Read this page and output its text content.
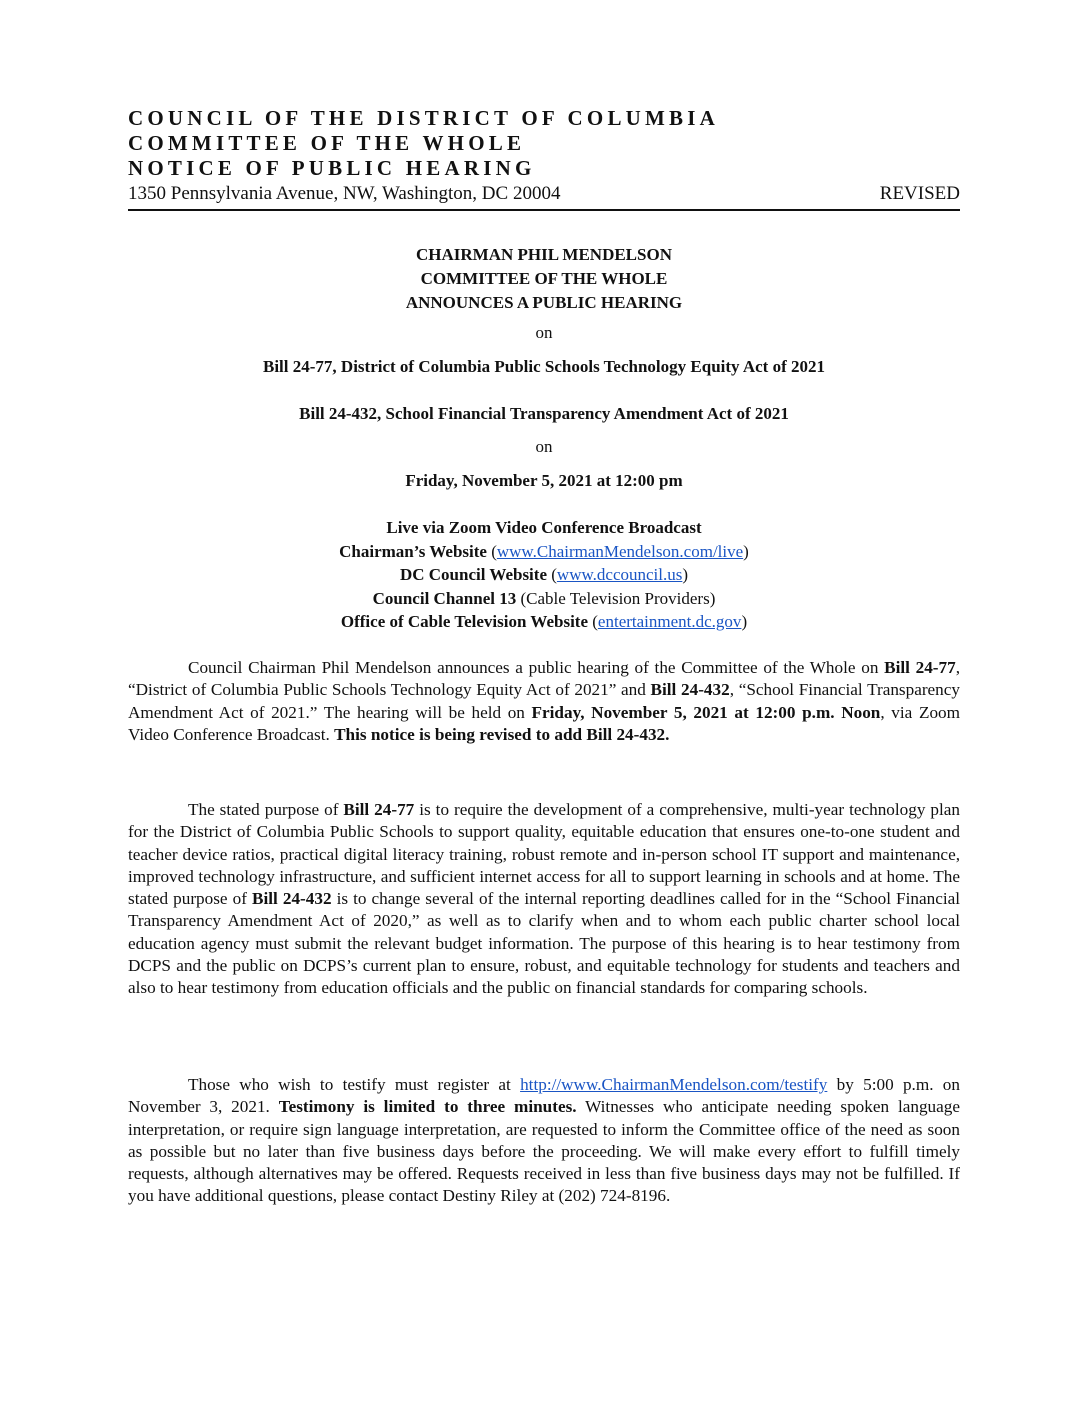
COUNCIL OF THE DISTRICT OF COLUMBIA

COMMITTEE OF THE WHOLE

NOTICE OF PUBLIC HEARING

1350 Pennsylvania Avenue, NW, Washington, DC 20004	REVISED

CHAIRMAN PHIL MENDELSON

COMMITTEE OF THE WHOLE

ANNOUNCES A PUBLIC HEARING

on

Bill 24-77, District of Columbia Public Schools Technology Equity Act of 2021

Bill 24-432, School Financial Transparency Amendment Act of 2021

on

Friday, November 5, 2021 at 12:00 pm

Live via Zoom Video Conference Broadcast

Chairman’s Website (www.ChairmanMendelson.com/live)

DC Council Website (www.dccouncil.us)

Council Channel 13 (Cable Television Providers)

Office of Cable Television Website (entertainment.dc.gov)

Council Chairman Phil Mendelson announces a public hearing of the Committee of the Whole on Bill 24-77, “District of Columbia Public Schools Technology Equity Act of 2021” and Bill 24-432, “School Financial Transparency Amendment Act of 2021.” The hearing will be held on Friday, November 5, 2021 at 12:00 p.m. Noon, via Zoom Video Conference Broadcast. This notice is being revised to add Bill 24-432.

The stated purpose of Bill 24-77 is to require the development of a comprehensive, multi-year technology plan for the District of Columbia Public Schools to support quality, equitable education that ensures one-to-one student and teacher device ratios, practical digital literacy training, robust remote and in-person school IT support and maintenance, improved technology infrastructure, and sufficient internet access for all to support learning in schools and at home. The stated purpose of Bill 24-432 is to change several of the internal reporting deadlines called for in the “School Financial Transparency Amendment Act of 2020,” as well as to clarify when and to whom each public charter school local education agency must submit the relevant budget information. The purpose of this hearing is to hear testimony from DCPS and the public on DCPS’s current plan to ensure, robust, and equitable technology for students and teachers and also to hear testimony from education officials and the public on financial standards for comparing schools.

Those who wish to testify must register at http://www.ChairmanMendelson.com/testify by 5:00 p.m. on November 3, 2021. Testimony is limited to three minutes. Witnesses who anticipate needing spoken language interpretation, or require sign language interpretation, are requested to inform the Committee office of the need as soon as possible but no later than five business days before the proceeding. We will make every effort to fulfill timely requests, although alternatives may be offered. Requests received in less than five business days may not be fulfilled. If you have additional questions, please contact Destiny Riley at (202) 724-8196.
